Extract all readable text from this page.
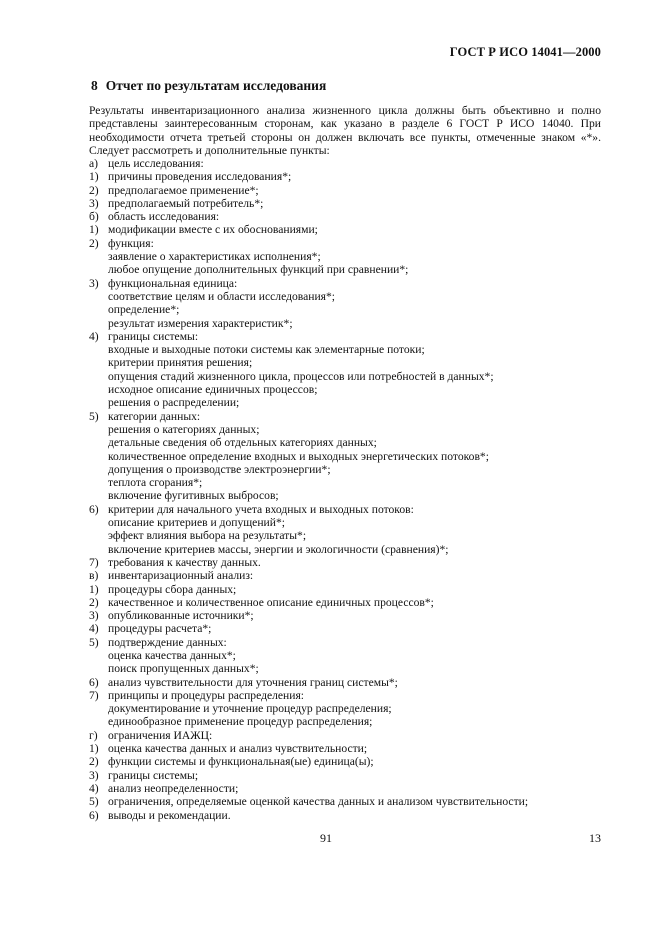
ГОСТ Р ИСО 14041—2000
8 Отчет по результатам исследования
Результаты инвентаризационного анализа жизненного цикла должны быть объективно и полно представлены заинтересованным сторонам, как указано в разделе 6 ГОСТ Р ИСО 14040. При необходимости отчета третьей стороны он должен включать все пункты, отмеченные знаком «*». Следует рассмотреть и дополнительные пункты:
а) цель исследования:
1) причины проведения исследования*;
2) предполагаемое применение*;
3) предполагаемый потребитель*;
б) область исследования:
1) модификации вместе с их обоснованиями;
2) функция:
заявление о характеристиках исполнения*;
любое опущение дополнительных функций при сравнении*;
3) функциональная единица:
соответствие целям и области исследования*;
определение*;
результат измерения характеристик*;
4) границы системы:
входные и выходные потоки системы как элементарные потоки;
критерии принятия решения;
опущения стадий жизненного цикла, процессов или потребностей в данных*;
исходное описание единичных процессов;
решения о распределении;
5) категории данных:
решения о категориях данных;
детальные сведения об отдельных категориях данных;
количественное определение входных и выходных энергетических потоков*;
допущения о производстве электроэнергии*;
теплота сгорания*;
включение фугитивных выбросов;
6) критерии для начального учета входных и выходных потоков:
описание критериев и допущений*;
эффект влияния выбора на результаты*;
включение критериев массы, энергии и экологичности (сравнения)*;
7) требования к качеству данных.
в) инвентаризационный анализ:
1) процедуры сбора данных;
2) качественное и количественное описание единичных процессов*;
3) опубликованные источники*;
4) процедуры расчета*;
5) подтверждение данных:
оценка качества данных*;
поиск пропущенных данных*;
6) анализ чувствительности для уточнения границ системы*;
7) принципы и процедуры распределения:
документирование и уточнение процедур распределения;
единообразное применение процедур распределения;
г) ограничения ИАЖЦ:
1) оценка качества данных и анализ чувствительности;
2) функции системы и функциональная(ые) единица(ы);
3) границы системы;
4) анализ неопределенности;
5) ограничения, определяемые оценкой качества данных и анализом чувствительности;
6) выводы и рекомендации.
91	13
